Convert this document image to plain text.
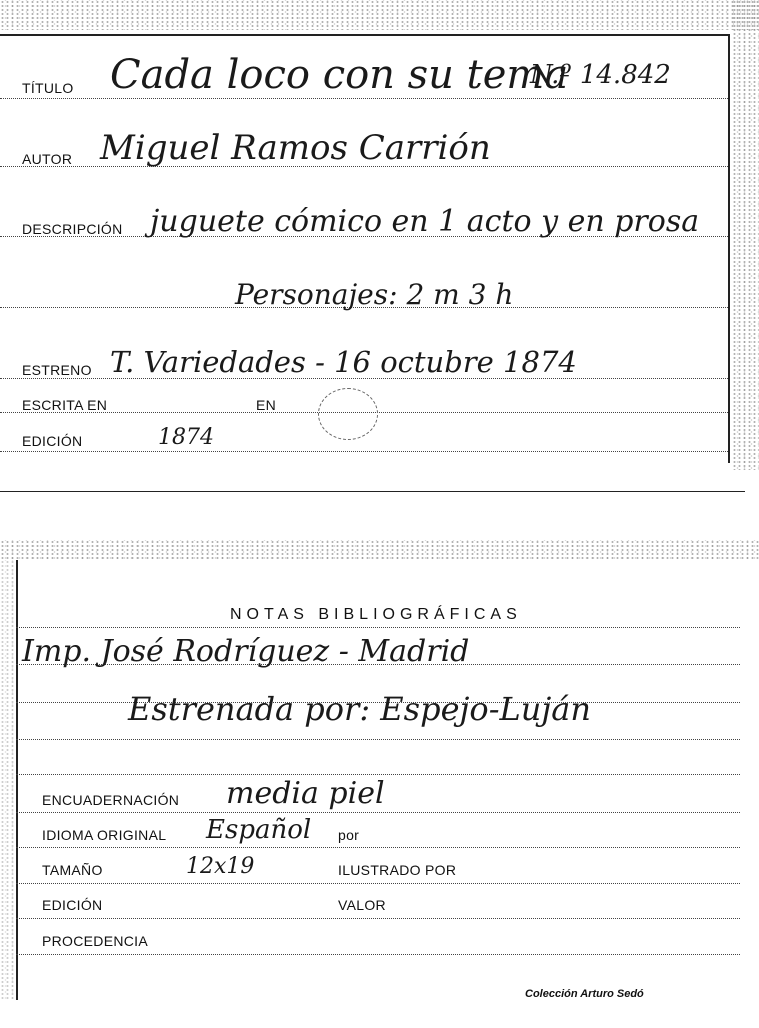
TÍTULO Cada loco con su tema
N.º 14.842
AUTOR Miguel Ramos Carrión
DESCRIPCIÓN juguete cómico en 1 acto y en prosa
Personajes: 2 m 3 h
ESTRENO T. Variedades - 16 octubre 1874
ESCRITA EN	EN
EDICIÓN	1874
NOTAS BIBLIOGRÁFICAS
Imp. José Rodríguez - Madrid
Estrenada por: Espejo-Luján
ENCUADERNACIÓN media piel
IDIOMA ORIGINAL Español por
TAMAÑO	12x19	ILUSTRADO POR
EDICIÓN	VALOR
PROCEDENCIA
Colección Arturo Sedó
